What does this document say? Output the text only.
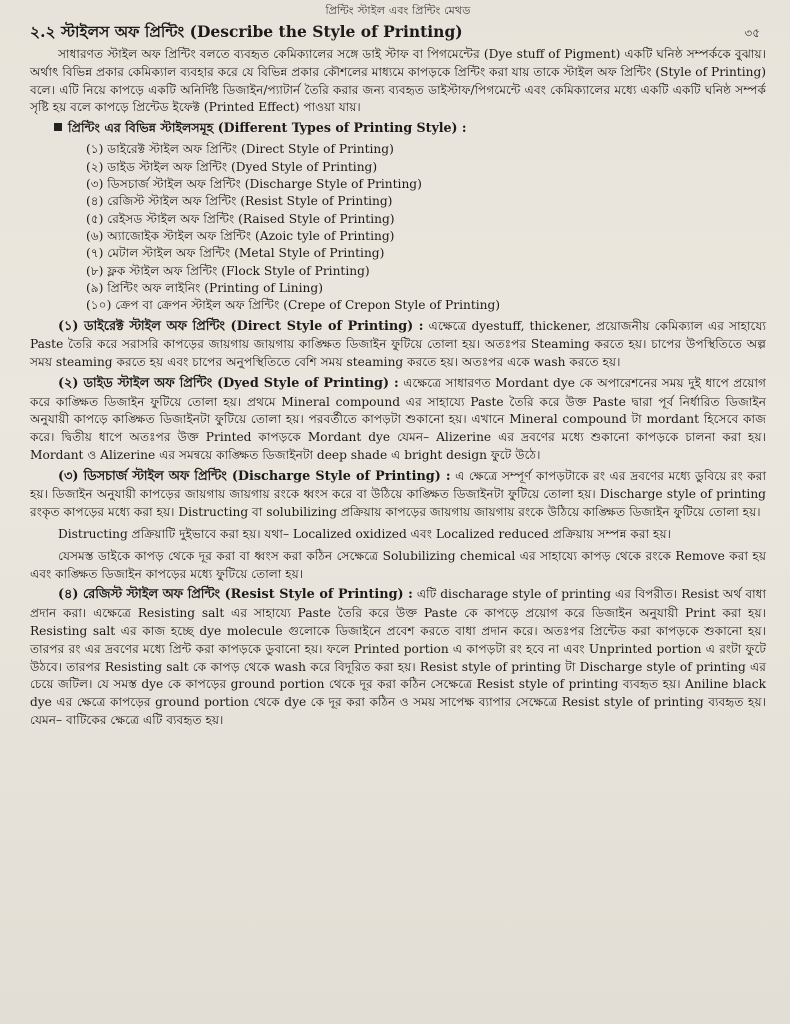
প্রিন্টিং স্টাইল এবং প্রিন্টিং মেথড
২.২ স্টাইলস অফ প্রিন্টিং (Describe the Style of Printing)	৩৫

সাধারণত স্টাইল অফ প্রিন্টিং বলতে ব্যবহৃত কেমিক্যালের সঙ্গে ডাই স্টাফ বা পিগমেন্টের (Dye stuff of Pigment) একটি ঘনিষ্ঠ সম্পর্ককে বুঝায়। অর্থাৎ বিভিন্ন প্রকার কেমিক্যাল ব্যবহার করে যে বিভিন্ন প্রকার কৌশলের মাধ্যমে কাপড়কে প্রিন্টিং করা যায় তাকে স্টাইল অফ প্রিন্টিং (Style of Printing) বলে। এটি নিয়ে কাপড়ে একটি অনির্দিষ্ট ডিজাইন/প্যাটার্ন তৈরি করার জন্য ব্যবহৃত ডাইস্টাফ/পিগমেন্টে এবং কেমিক্যালের মধ্যে একটি একটি ঘনিষ্ঠ সম্পর্ক সৃষ্টি হয় বলে কাপড়ে প্রিন্টেড ইফেক্ট (Printed Effect) পাওয়া যায়।

প্রিন্টিং এর বিভিন্ন স্টাইলসমূহ (Different Types of Printing Style) :
(১) ডাইরেক্ট স্টাইল অফ প্রিন্টিং (Direct Style of Printing)
(২) ডাইড স্টাইল অফ প্রিন্টিং (Dyed Style of Printing)
(৩) ডিসচার্জ স্টাইল অফ প্রিন্টিং (Discharge Style of Printing)
(৪) রেজিস্ট স্টাইল অফ প্রিন্টিং (Resist Style of Printing)
(৫) রেইসড স্টাইল অফ প্রিন্টিং (Raised Style of Printing)
(৬) অ্যাজোইক স্টাইল অফ প্রিন্টিং (Azoic tyle of Printing)
(৭) মেটাল স্টাইল অফ প্রিন্টিং (Metal Style of Printing)
(৮) ফ্লক স্টাইল অফ প্রিন্টিং (Flock Style of Printing)
(৯) প্রিন্টিং অফ লাইনিং (Printing of Lining)
(১০) ক্রেপ বা ক্রেপন স্টাইল অফ প্রিন্টিং (Crepe of Crepon Style of Printing)

(১) ডাইরেক্ট স্টাইল অফ প্রিন্টিং (Direct Style of Printing) : এক্ষেত্রে dyestuff, thickener, প্রয়োজনীয় কেমিক্যাল এর সাহায্যে Paste তৈরি করে সরাসরি কাপড়ের জায়গায় জায়গায় কাঙ্ক্ষিত ডিজাইন ফুটিয়ে তোলা হয়। অতঃপর Steaming করতে হয়। চাপের উপস্থিতিতে অল্প সময় steaming করতে হয় এবং চাপের অনুপস্থিতিতে বেশি সময় steaming করতে হয়। অতঃপর একে wash করতে হয়।

(২) ডাইড স্টাইল অফ প্রিন্টিং (Dyed Style of Printing) : এক্ষেত্রে সাধারণত Mordant dye কে অপারেশনের সময় দুই ধাপে প্রয়োগ করে কাঙ্ক্ষিত ডিজাইন ফুটিয়ে তোলা হয়। প্রথমে Mineral compound এর সাহায্যে Paste তৈরি করে উক্ত Paste দ্বারা পূর্ব নির্ধারিত ডিজাইন অনুযায়ী কাপড়ে কাঙ্ক্ষিত ডিজাইনটা ফুটিয়ে তোলা হয়। পরবর্তীতে কাপড়টা শুকানো হয়। এখানে Mineral compound টা mordant হিসেবে কাজ করে। দ্বিতীয় ধাপে অতঃপর উক্ত Printed কাপড়কে Mordant dye যেমন– Alizerine এর দ্রবণের মধ্যে শুকানো কাপড়কে চালনা করা হয়। Mordant ও Alizerine এর সমন্বয়ে কাঙ্ক্ষিত ডিজাইনটা deep shade এ bright design ফুটে উঠে।

(৩) ডিসচার্জ স্টাইল অফ প্রিন্টিং (Discharge Style of Printing) : এ ক্ষেত্রে সম্পূর্ণ কাপড়টাকে রং এর দ্রবণের মধ্যে ডুবিয়ে রং করা হয়। ডিজাইন অনুযায়ী কাপড়ের জায়গায় জায়গায় রংকে ধ্বংস করে বা উঠিয়ে কাঙ্ক্ষিত ডিজাইনটা ফুটিয়ে তোলা হয়। Discharge style of printing রংকৃত কাপড়ের মধ্যে করা হয়। Distructing বা solubilizing প্রক্রিয়ায় কাপড়ের জায়গায় জায়গায় রংকে উঠিয়ে কাঙ্ক্ষিত ডিজাইন ফুটিয়ে তোলা হয়।

Distructing প্রক্রিয়াটি দুইভাবে করা হয়। যথা– Localized oxidized এবং Localized reduced প্রক্রিয়ায় সম্পন্ন করা হয়।

যেসমস্ত ডাইকে কাপড় থেকে দূর করা বা ধ্বংস করা কঠিন সেক্ষেত্রে Solubilizing chemical এর সাহায্যে কাপড় থেকে রংকে Remove করা হয় এবং কাঙ্ক্ষিত ডিজাইন কাপড়ের মধ্যে ফুটিয়ে তোলা হয়।

(৪) রেজিস্ট স্টাইল অফ প্রিন্টিং (Resist Style of Printing) : এটি discharage style of printing এর বিপরীত। Resist অর্থ বাধা প্রদান করা। এক্ষেত্রে Resisting salt এর সাহায্যে Paste তৈরি করে উক্ত Paste কে কাপড়ে প্রয়োগ করে ডিজাইন অনুযায়ী Print করা হয়। Resisting salt এর কাজ হচ্ছে dye molecule গুলোকে ডিজাইনে প্রবেশ করতে বাধা প্রদান করে। অতঃপর প্রিন্টেড করা কাপড়কে শুকানো হয়। তারপর রং এর দ্রবণের মধ্যে প্রিন্ট করা কাপড়কে ডুবানো হয়। ফলে Printed portion এ কাপড়টা রং হবে না এবং Unprinted portion এ রংটা ফুটে উঠবে। তারপর Resisting salt কে কাপড় থেকে wash করে বিদূরিত করা হয়। Resist style of printing টা Discharge style of printing এর চেয়ে জটিল। যে সমস্ত dye কে কাপড়ের ground portion থেকে দূর করা কঠিন সেক্ষেত্রে Resist style of printing ব্যবহৃত হয়। Aniline black dye এর ক্ষেত্রে কাপড়ের ground portion থেকে dye কে দূর করা কঠিন ও সময় সাপেক্ষ ব্যাপার সেক্ষেত্রে Resist style of printing ব্যবহৃত হয়। যেমন– বাটিকের ক্ষেত্রে এটি ব্যবহৃত হয়।
